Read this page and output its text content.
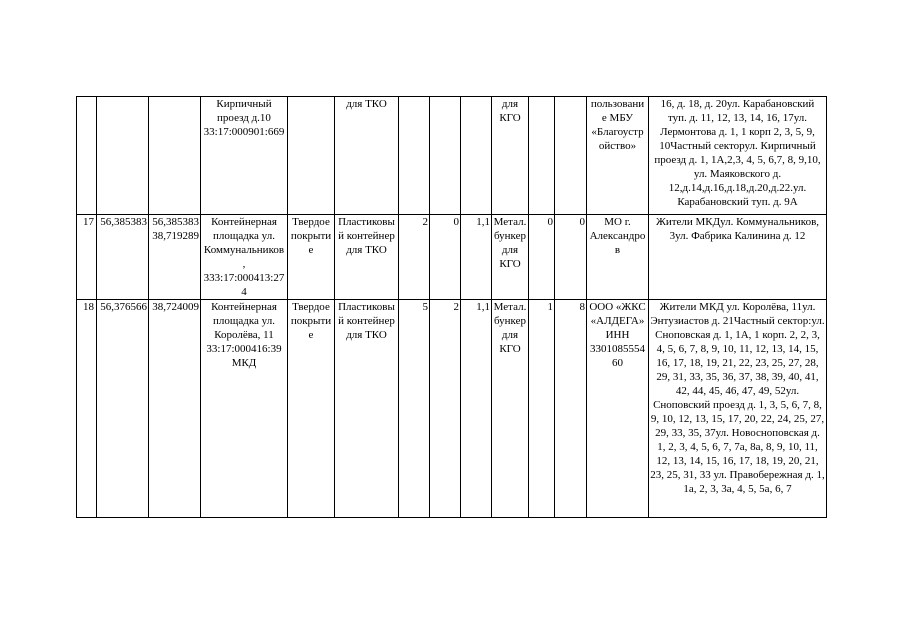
			Кирпичный проезд д.10 33:17:000901:669		для ТКО				для КГО			пользовани е МБУ «Благоустр ойство»	16, д. 18, д. 20ул. Карабановский туп. д. 11, 12, 13, 14, 16, 17ул. Лермонтова д. 1, 1 корп 2, 3, 5, 9, 10Частный секторул. Кирпичный проезд д. 1, 1А,2,3, 4, 5, 6,7, 8, 9,10, ул. Маяковского д. 12,д.14,д.16,д.18,д.20,д.22.ул. Карабановский туп. д. 9А
17	56,385383	56,385383 38,719289	Контейнерная площадка ул. Коммунальников , 333:17:000413:27 4	Твердое покрытие	Пластиковы й контейнер для ТКО	2	0	1,1	Метал. бункер для КГО	0	0	МО г. Александро в	Жители МКДул. Коммунальников, 3ул. Фабрика Калинина д. 12
18	56,376566	38,724009	Контейнерная площадка ул. Королёва, 11 33:17:000416:39 МКД	Твердое покрытие	Пластиковы й контейнер для ТКО	5	2	1,1	Метал. бункер для КГО	1	8	ООО «ЖКС «АЛДЕГА» ИНН 3301085554 60	Жители МКД ул. Королёва, 11ул. Энтузиастов д. 21Частный сектор:ул. Сноповская д. 1, 1А, 1 корп. 2, 2, 3, 4, 5, 6, 7, 8, 9, 10, 11, 12, 13, 14, 15, 16, 17, 18, 19, 21, 22, 23, 25, 27, 28, 29, 31, 33, 35, 36, 37, 38, 39, 40, 41, 42, 44, 45, 46, 47, 49, 52ул. Сноповский проезд д. 1, 3, 5, 6, 7, 8, 9, 10, 12, 13, 15, 17, 20, 22, 24, 25, 27, 29, 33, 35, 37ул. Новосноповская д. 1, 2, 3, 4, 5, 6, 7, 7а, 8а, 8, 9, 10, 11, 12, 13, 14, 15, 16, 17, 18, 19, 20, 21, 23, 25, 31, 33 ул. Правобережная д. 1, 1а, 2, 3, 3а, 4, 5, 5а, 6, 7
